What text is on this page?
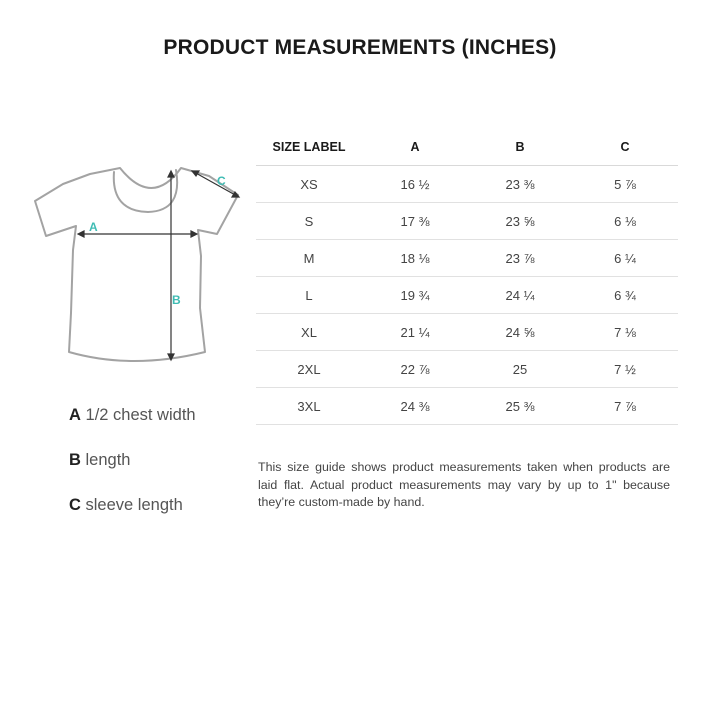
PRODUCT MEASUREMENTS (INCHES)
A
B
C
A 1/2 chest width
B length
C sleeve length
SIZE LABEL	A	B	C
XS	16 ½	23 ⅜	5 ⅞
S	17 ⅜	23 ⅝	6 ⅛
M	18 ⅛	23 ⅞	6 ¼
L	19 ¾	24 ¼	6 ¾
XL	21 ¼	24 ⅝	7 ⅛
2XL	22 ⅞	25	7 ½
3XL	24 ⅜	25 ⅜	7 ⅞
This size guide shows product measurements taken when products are laid flat. Actual product measurements may vary by up to 1" because they’re custom-made by hand.
